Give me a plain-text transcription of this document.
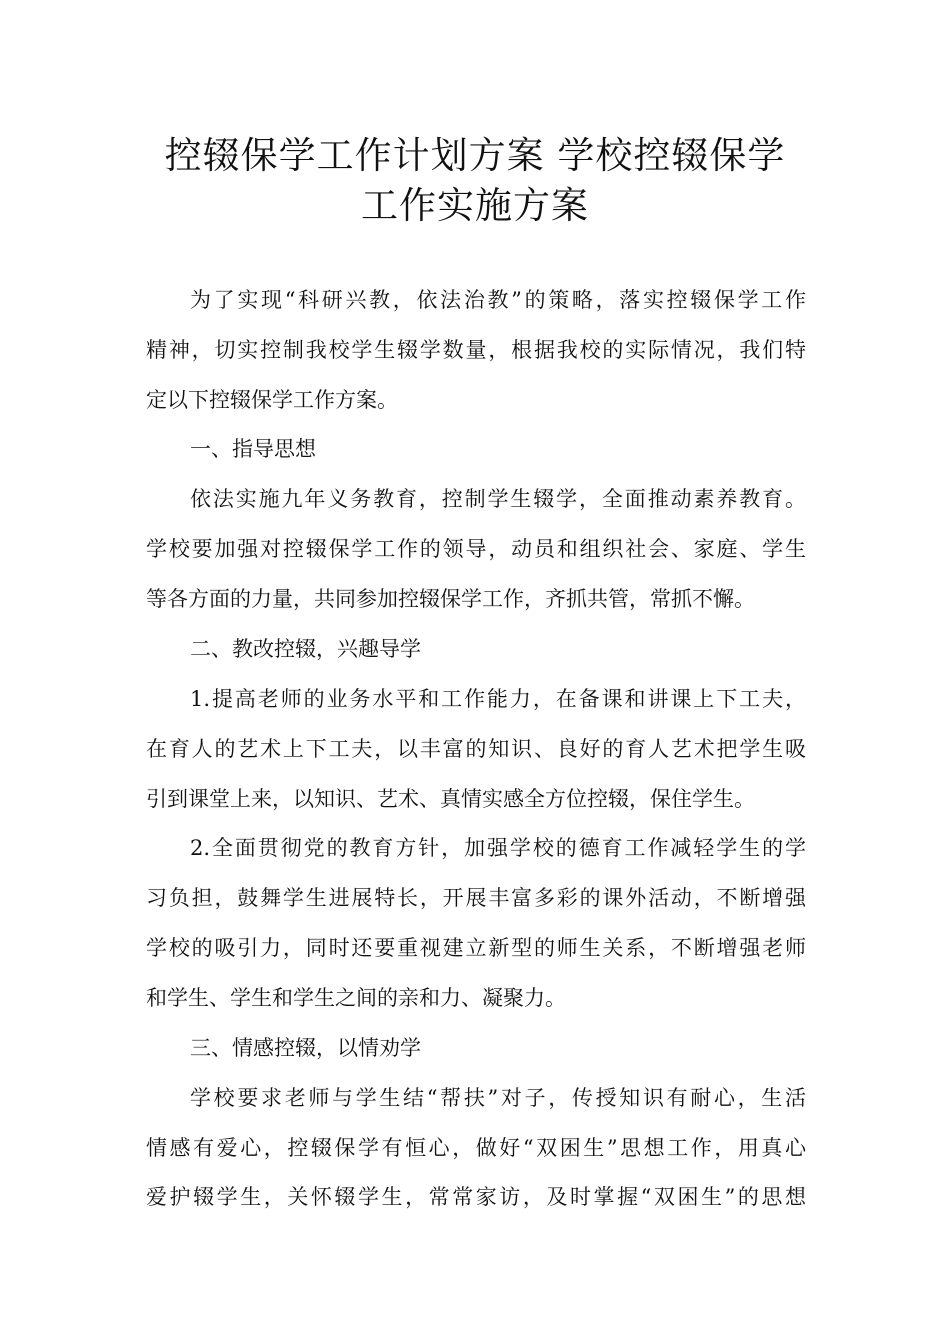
控辍保学工作计划方案 学校控辍保学
工作实施方案
为了实现“科研兴教，依法治教”的策略，落实控辍保学工作
精神，切实控制我校学生辍学数量，根据我校的实际情况，我们特
定以下控辍保学工作方案。
一、指导思想
依法实施九年义务教育，控制学生辍学，全面推动素养教育。
学校要加强对控辍保学工作的领导，动员和组织社会、家庭、学生
等各方面的力量，共同参加控辍保学工作，齐抓共管，常抓不懈。
二、教改控辍，兴趣导学
1.提高老师的业务水平和工作能力，在备课和讲课上下工夫，
在育人的艺术上下工夫，以丰富的知识、良好的育人艺术把学生吸
引到课堂上来，以知识、艺术、真情实感全方位控辍，保住学生。
2.全面贯彻党的教育方针，加强学校的德育工作减轻学生的学
习负担，鼓舞学生进展特长，开展丰富多彩的课外活动，不断增强
学校的吸引力，同时还要重视建立新型的师生关系，不断增强老师
和学生、学生和学生之间的亲和力、凝聚力。
三、情感控辍，以情劝学
学校要求老师与学生结“帮扶”对子，传授知识有耐心，生活
情感有爱心，控辍保学有恒心，做好“双困生”思想工作，用真心
爱护辍学生，关怀辍学生，常常家访，及时掌握“双困生”的思想
